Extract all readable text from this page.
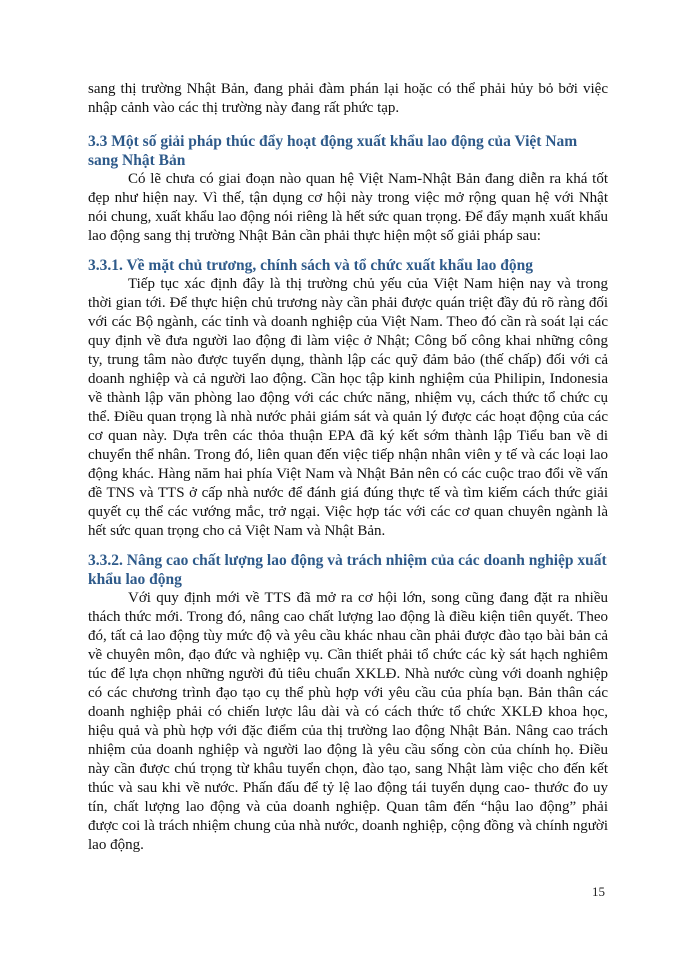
sang thị trường Nhật Bản, đang phải đàm phán lại hoặc có thể phải hủy bỏ bởi việc nhập cảnh vào các thị trường này đang rất phức tạp.

3.3 Một số giải pháp thúc đẩy hoạt động xuất khẩu lao động của Việt Nam sang Nhật Bản

Có lẽ chưa có giai đoạn nào quan hệ Việt Nam-Nhật Bản đang diễn ra khá tốt đẹp như hiện nay. Vì thế, tận dụng cơ hội này trong việc mở rộng quan hệ với Nhật nói chung, xuất khẩu lao động nói riêng là hết sức quan trọng. Để đẩy mạnh xuất khẩu lao động sang thị trường Nhật Bản cần phải thực hiện một số giải pháp sau:

3.3.1. Về mặt chủ trương, chính sách và tổ chức xuất khẩu lao động

Tiếp tục xác định đây là thị trường chủ yếu của Việt Nam hiện nay và trong thời gian tới. Để thực hiện chủ trương này cần phải được quán triệt đầy đủ rõ ràng đối với các Bộ ngành, các tỉnh và doanh nghiệp của Việt Nam. Theo đó cần rà soát lại các quy định về đưa người lao động đi làm việc ở Nhật; Công bố công khai những công ty, trung tâm nào được tuyển dụng, thành lập các quỹ đảm bảo (thế chấp) đối với cả doanh nghiệp và cả người lao động. Cần học tập kinh nghiệm của Philipin, Indonesia về thành lập văn phòng lao động với các chức năng, nhiệm vụ, cách thức tổ chức cụ thể. Điều quan trọng là nhà nước phải giám sát và quản lý được các hoạt động của các cơ quan này. Dựa trên các thỏa thuận EPA đã ký kết sớm thành lập Tiểu ban về di chuyển thể nhân. Trong đó, liên quan đến việc tiếp nhận nhân viên y tế và các loại lao động khác. Hàng năm hai phía Việt Nam và Nhật Bản nên có các cuộc trao đổi về vấn đề TNS và TTS ở cấp nhà nước để đánh giá đúng thực tế và tìm kiếm cách thức giải quyết cụ thể các vướng mắc, trở ngại. Việc hợp tác với các cơ quan chuyên ngành là hết sức quan trọng cho cả Việt Nam và Nhật Bản.

3.3.2. Nâng cao chất lượng lao động và trách nhiệm của các doanh nghiệp xuất khẩu lao động

Với quy định mới về TTS đã mở ra cơ hội lớn, song cũng đang đặt ra nhiều thách thức mới. Trong đó, nâng cao chất lượng lao động là điều kiện tiên quyết. Theo đó, tất cả lao động tùy mức độ và yêu cầu khác nhau cần phải được đào tạo bài bản cả về chuyên môn, đạo đức và nghiệp vụ. Cần thiết phải tổ chức các kỳ sát hạch nghiêm túc để lựa chọn những người đủ tiêu chuẩn XKLĐ. Nhà nước cùng với doanh nghiệp có các chương trình đạo tạo cụ thể phù hợp với yêu cầu của phía bạn. Bản thân các doanh nghiệp phải có chiến lược lâu dài và có cách thức tổ chức XKLĐ khoa học, hiệu quả và phù hợp với đặc điểm của thị trường lao động Nhật Bản. Nâng cao trách nhiệm của doanh nghiệp và người lao động là yêu cầu sống còn của chính họ. Điều này cần được chú trọng từ khâu tuyển chọn, đào tạo, sang Nhật làm việc cho đến kết thúc và sau khi về nước. Phấn đấu để tỷ lệ lao động tái tuyển dụng cao- thước đo uy tín, chất lượng lao động và của doanh nghiệp. Quan tâm đến “hậu lao động” phải được coi là trách nhiệm chung của nhà nước, doanh nghiệp, cộng đồng và chính người lao động.

15
